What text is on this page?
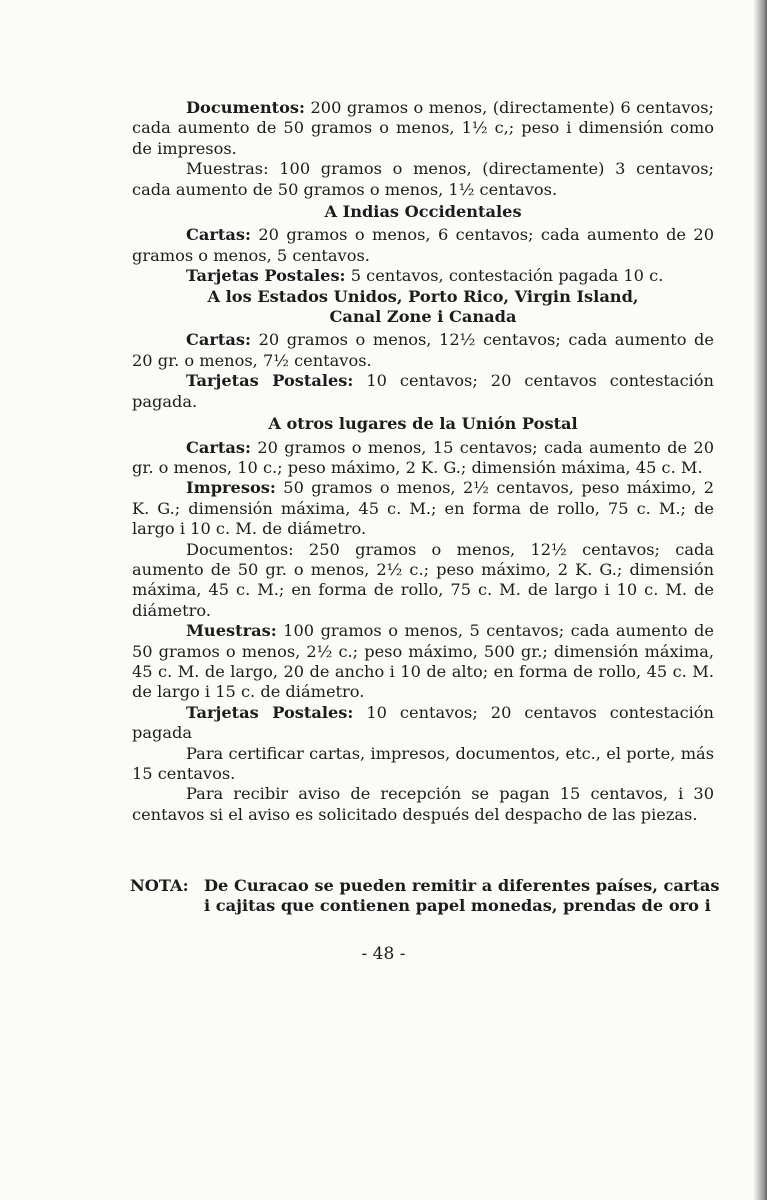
Documentos: 200 gramos o menos, (directamente) 6 centavos; cada aumento de 50 gramos o menos, 1½ c,; peso i dimensión como de impresos.

Muestras: 100 gramos o menos, (directamente) 3 centavos; cada aumento de 50 gramos o menos, 1½ centavos.

A Indias Occidentales

Cartas: 20 gramos o menos, 6 centavos; cada aumento de 20 gramos o menos, 5 centavos.

Tarjetas Postales: 5 centavos, contestación pagada 10 c.

A los Estados Unidos, Porto Rico, Virgin Island,
Canal Zone i Canada

Cartas: 20 gramos o menos, 12½ centavos; cada aumento de 20 gr. o menos, 7½ centavos.

Tarjetas Postales: 10 centavos; 20 centavos contestación pagada.

A otros lugares de la Unión Postal

Cartas: 20 gramos o menos, 15 centavos; cada aumento de 20 gr. o menos, 10 c.; peso máximo, 2 K. G.; dimensión máxima, 45 c. M.

Impresos: 50 gramos o menos, 2½ centavos, peso máximo, 2 K. G.; dimensión máxima, 45 c. M.; en forma de rollo, 75 c. M.; de largo i 10 c. M. de diámetro.

Documentos: 250 gramos o menos, 12½ centavos; cada aumento de 50 gr. o menos, 2½ c.; peso máximo, 2 K. G.; dimensión máxima, 45 c. M.; en forma de rollo, 75 c. M. de largo i 10 c. M. de diámetro.

Muestras: 100 gramos o menos, 5 centavos; cada aumento de 50 gramos o menos, 2½ c.; peso máximo, 500 gr.; dimensión máxima, 45 c. M. de largo, 20 de ancho i 10 de alto; en forma de rollo, 45 c. M. de largo i 15 c. de diámetro.

Tarjetas Postales: 10 centavos; 20 centavos contestación pagada

Para certificar cartas, impresos, documentos, etc., el porte, más 15 centavos.

Para recibir aviso de recepción se pagan 15 centavos, i 30 centavos si el aviso es solicitado después del despacho de las piezas.

NOTA: De Curacao se pueden remitir a diferentes países, cartas
i cajitas que contienen papel monedas, prendas de oro i
- 48 -
